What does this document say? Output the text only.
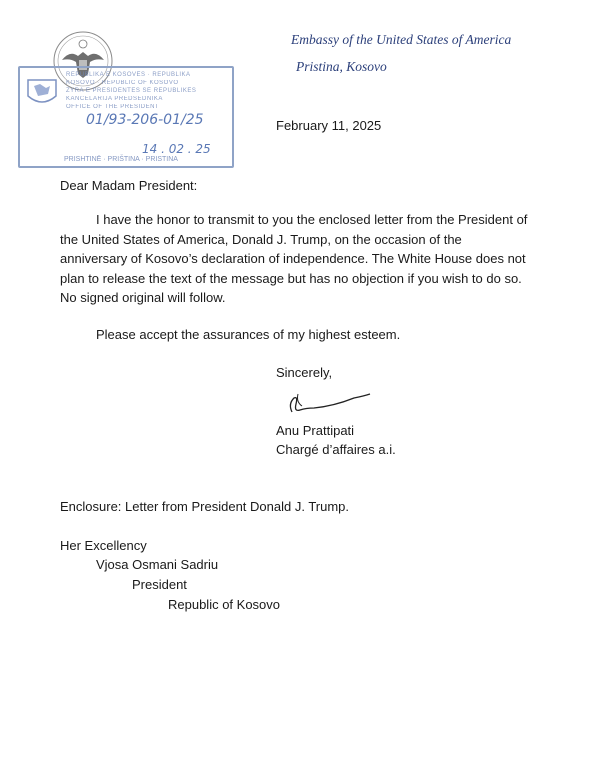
REPUBLIKA E KOSOVËS · REPUBLIKA
KOSOVO · REPUBLIC OF KOSOVO
ZYRA E PRESIDENTES SË REPUBLIKËS
KANCELARIJA PREDSEDNIKA
OFFICE OF THE PRESIDENT
01/93-206-01/25
14 . 02 . 25
PRISHTINË · PRIŠTINA · PRISTINA
Embassy of the United States of America
Pristina, Kosovo
February 11, 2025
Dear Madam President:
I have the honor to transmit to you the enclosed letter from the President of the United States of America, Donald J. Trump, on the occasion of the anniversary of Kosovo’s declaration of independence. The White House does not plan to release the text of the message but has no objection if you wish to do so. No signed original will follow.
Please accept the assurances of my highest esteem.
Sincerely,
Anu Prattipati
Chargé d’affaires a.i.
Enclosure: Letter from President Donald J. Trump.
Her Excellency
Vjosa Osmani Sadriu
President
Republic of Kosovo
